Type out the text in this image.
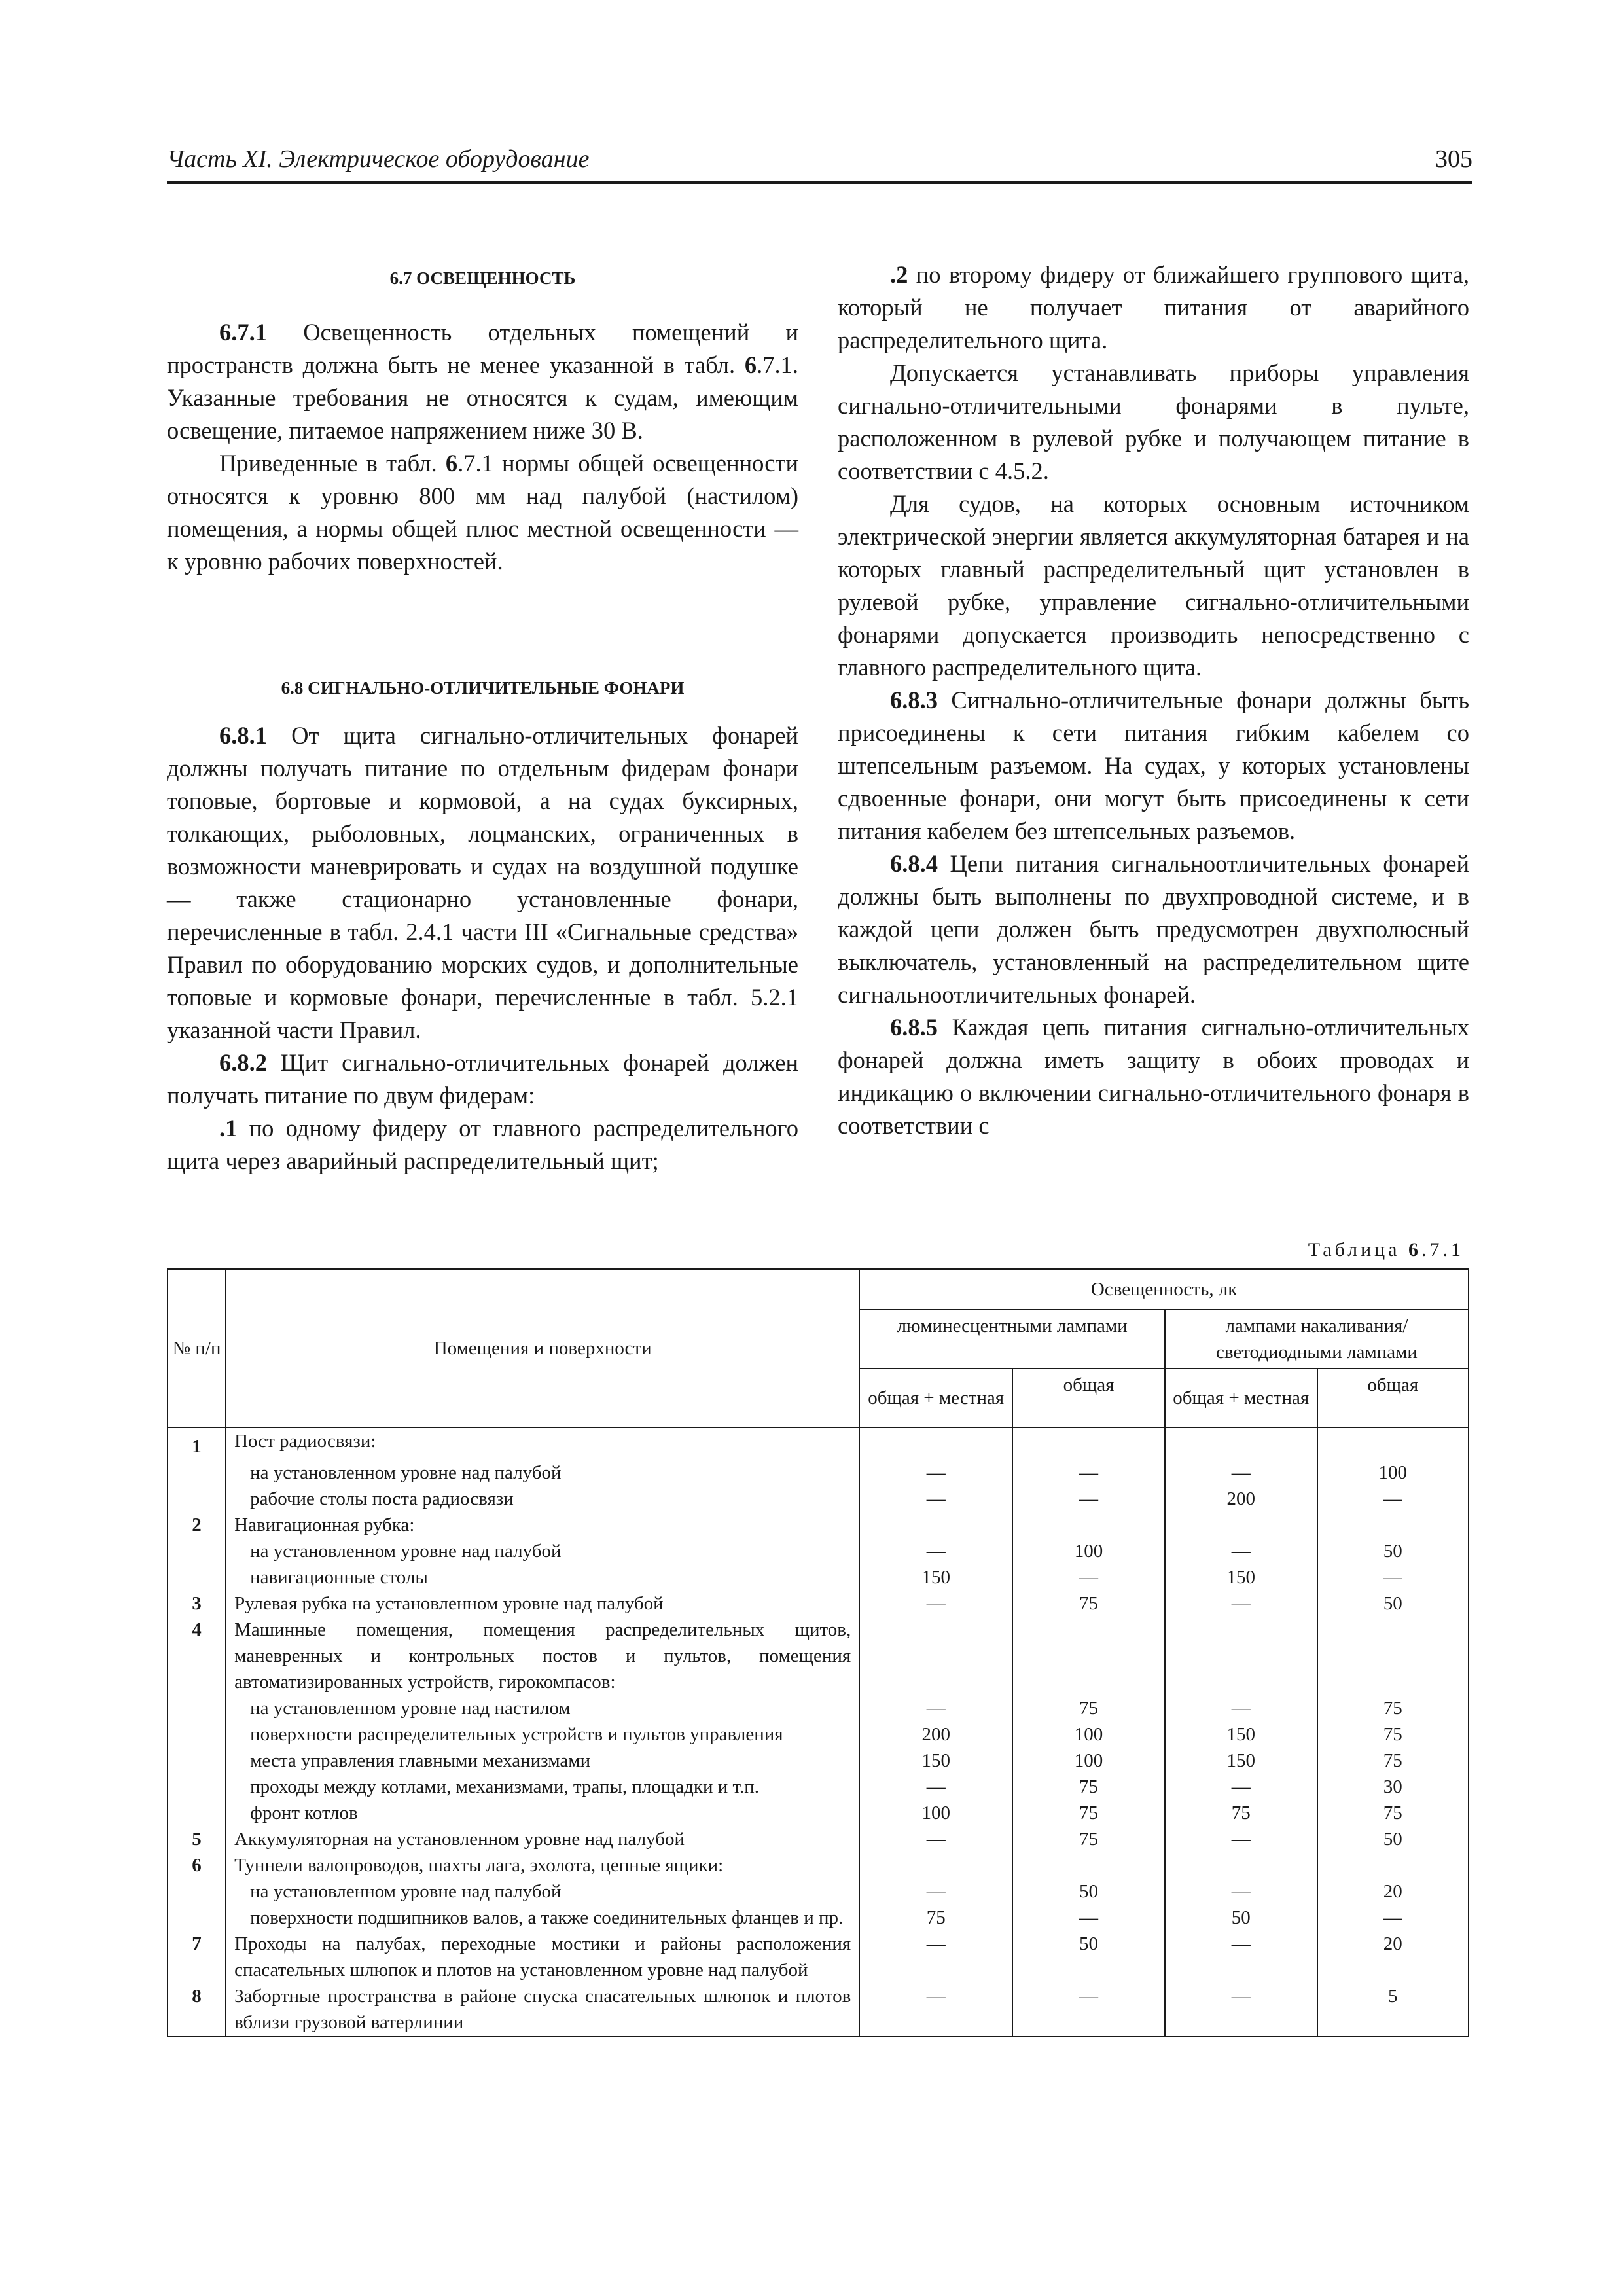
Часть XI. Электрическое оборудование	305
6.7 ОСВЕЩЕННОСТЬ

6.7.1 Освещенность отдельных помещений и пространств должна быть не менее указанной в табл. 6.7.1. Указанные требования не относятся к судам, имеющим освещение, питаемое напряжением ниже 30 В.

Приведенные в табл. 6.7.1 нормы общей освещенности относятся к уровню 800 мм над палубой (настилом) помещения, а нормы общей плюс местной освещенности — к уровню рабочих поверхностей.

6.8 СИГНАЛЬНО-ОТЛИЧИТЕЛЬНЫЕ ФОНАРИ

6.8.1 От щита сигнально-отличительных фонарей должны получать питание по отдельным фидерам фонари топовые, бортовые и кормовой, а на судах буксирных, толкающих, рыболовных, лоцманских, ограниченных в возможности маневрировать и судах на воздушной подушке — также стационарно установленные фонари, перечисленные в табл. 2.4.1 части III «Сигнальные средства» Правил по оборудованию морских судов, и дополнительные топовые и кормовые фонари, перечисленные в табл. 5.2.1 указанной части Правил.

6.8.2 Щит сигнально-отличительных фонарей должен получать питание по двум фидерам:

.1 по одному фидеру от главного распределительного щита через аварийный распределительный щит;

.2 по второму фидеру от ближайшего группового щита, который не получает питания от аварийного распределительного щита.

Допускается устанавливать приборы управления сигнально-отличительными фонарями в пульте, расположенном в рулевой рубке и получающем питание в соответствии с 4.5.2.

Для судов, на которых основным источником электрической энергии является аккумуляторная батарея и на которых главный распределительный щит установлен в рулевой рубке, управление сигнально-отличительными фонарями допускается производить непосредственно с главного распределительного щита.

6.8.3 Сигнально-отличительные фонари должны быть присоединены к сети питания гибким кабелем со штепсельным разъемом. На судах, у которых установлены сдвоенные фонари, они могут быть присоединены к сети питания кабелем без штепсельных разъемов.

6.8.4 Цепи питания сигнальноотличительных фонарей должны быть выполнены по двухпроводной системе, и в каждой цепи должен быть предусмотрен двухполюсный выключатель, установленный на распределительном щите сигнальноотличительных фонарей.

6.8.5 Каждая цепь питания сигнально-отличительных фонарей должна иметь защиту в обоих проводах и индикацию о включении сигнально-отличительного фонаря в соответствии с

Таблица 6.7.1
№ п/п	Помещения и поверхности	Освещенность, лк			
		люминесцентными лампами		лампами накаливания/ светодиодными лампами	
		общая + местная	общая	общая + местная	общая
1	Пост радиосвязи:				
	на установленном уровне над палубой	—	—	—	100
	рабочие столы поста радиосвязи	—	—	200	—
2	Навигационная рубка:				
	на установленном уровне над палубой	—	100	—	50
	навигационные столы	150	—	150	—
3	Рулевая рубка на установленном уровне над палубой	—	75	—	50
4	Машинные помещения, помещения распределительных щитов, маневренных и контрольных постов и пультов, помещения автоматизированных устройств, гирокомпасов:				
	на установленном уровне над настилом	—	75	—	75
	поверхности распределительных устройств и пультов управления	200	100	150	75
	места управления главными механизмами	150	100	150	75
	проходы между котлами, механизмами, трапы, площадки и т.п.	—	75	—	30
	фронт котлов	100	75	75	75
5	Аккумуляторная на установленном уровне над палубой	—	75	—	50
6	Туннели валопроводов, шахты лага, эхолота, цепные ящики:				
	на установленном уровне над палубой	—	50	—	20
	поверхности подшипников валов, а также соединительных фланцев и пр.	75	—	50	—
7	Проходы на палубах, переходные мостики и районы расположения спасательных шлюпок и плотов на установленном уровне над палубой	—	50	—	20
8	Забортные пространства в районе спуска спасательных шлюпок и плотов вблизи грузовой ватерлинии	—	—	—	5
